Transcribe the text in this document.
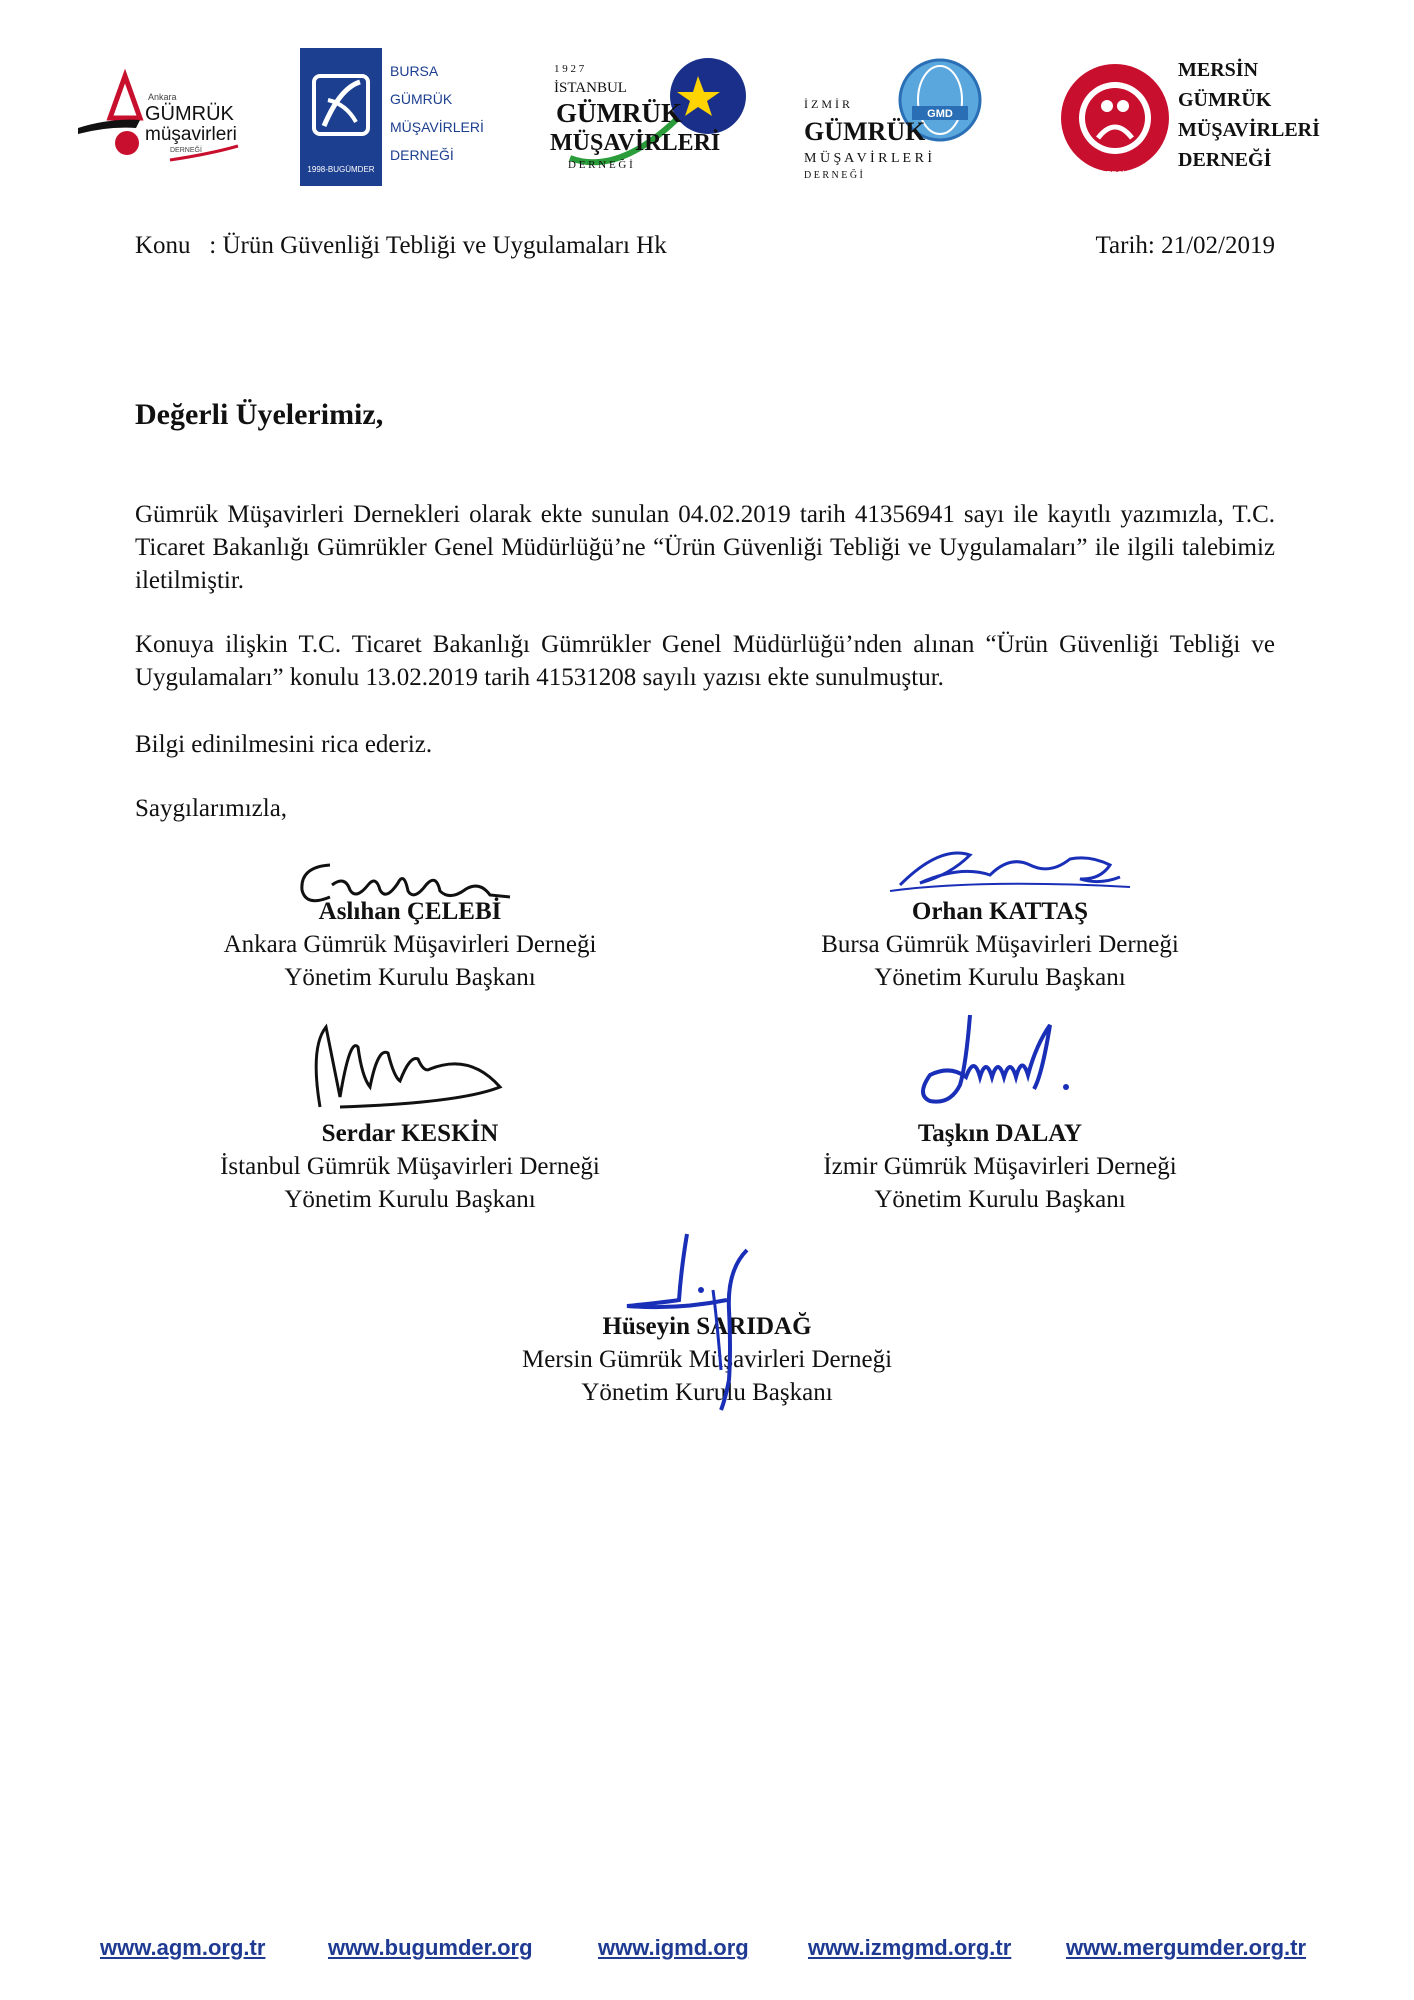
Ankara
GÜMRÜK
müşavirleri
DERNEĞİ
1998-BUGÜMDER
BURSA
GÜMRÜK
MÜŞAVİRLERİ
DERNEĞİ
1 9 2 7
İSTANBUL
GÜMRÜK
MÜŞAVİRLERİ
D E R N E Ğ İ
GMD
İ Z M İ R
GÜMRÜK
M Ü Ş A V İ R L E R İ
D E R N E Ğ İ	MERSİN
MERSİN
GÜMRÜK
MÜŞAVİRLERİ
DERNEĞİ
Konu   : Ürün Güvenliği Tebliği ve Uygulamaları Hk	Tarih: 21/02/2019
Değerli Üyelerimiz,
Gümrük Müşavirleri Dernekleri olarak ekte sunulan 04.02.2019 tarih 41356941 sayı ile kayıtlı yazımızla, T.C. Ticaret Bakanlığı Gümrükler Genel Müdürlüğü’ne “Ürün Güvenliği Tebliği ve Uygulamaları” ile ilgili talebimiz iletilmiştir.
Konuya ilişkin T.C. Ticaret Bakanlığı Gümrükler Genel Müdürlüğü’nden alınan “Ürün Güvenliği Tebliği ve Uygulamaları” konulu 13.02.2019 tarih 41531208 sayılı yazısı ekte sunulmuştur.
Bilgi edinilmesini rica ederiz.
Saygılarımızla,
Aslıhan ÇELEBİ
Ankara Gümrük Müşavirleri Derneği
Yönetim Kurulu Başkanı
Orhan KATTAŞ
Bursa Gümrük Müşavirleri Derneği
Yönetim Kurulu Başkanı
Serdar KESKİN
İstanbul Gümrük Müşavirleri Derneği
Yönetim Kurulu Başkanı
Taşkın DALAY
İzmir Gümrük Müşavirleri Derneği
Yönetim Kurulu Başkanı
Hüseyin SARIDAĞ
Mersin Gümrük Müşavirleri Derneği
Yönetim Kurulu Başkanı
www.agm.org.tr	www.bugumder.org	www.igmd.org	www.izmgmd.org.tr www.mergumder.org.tr
